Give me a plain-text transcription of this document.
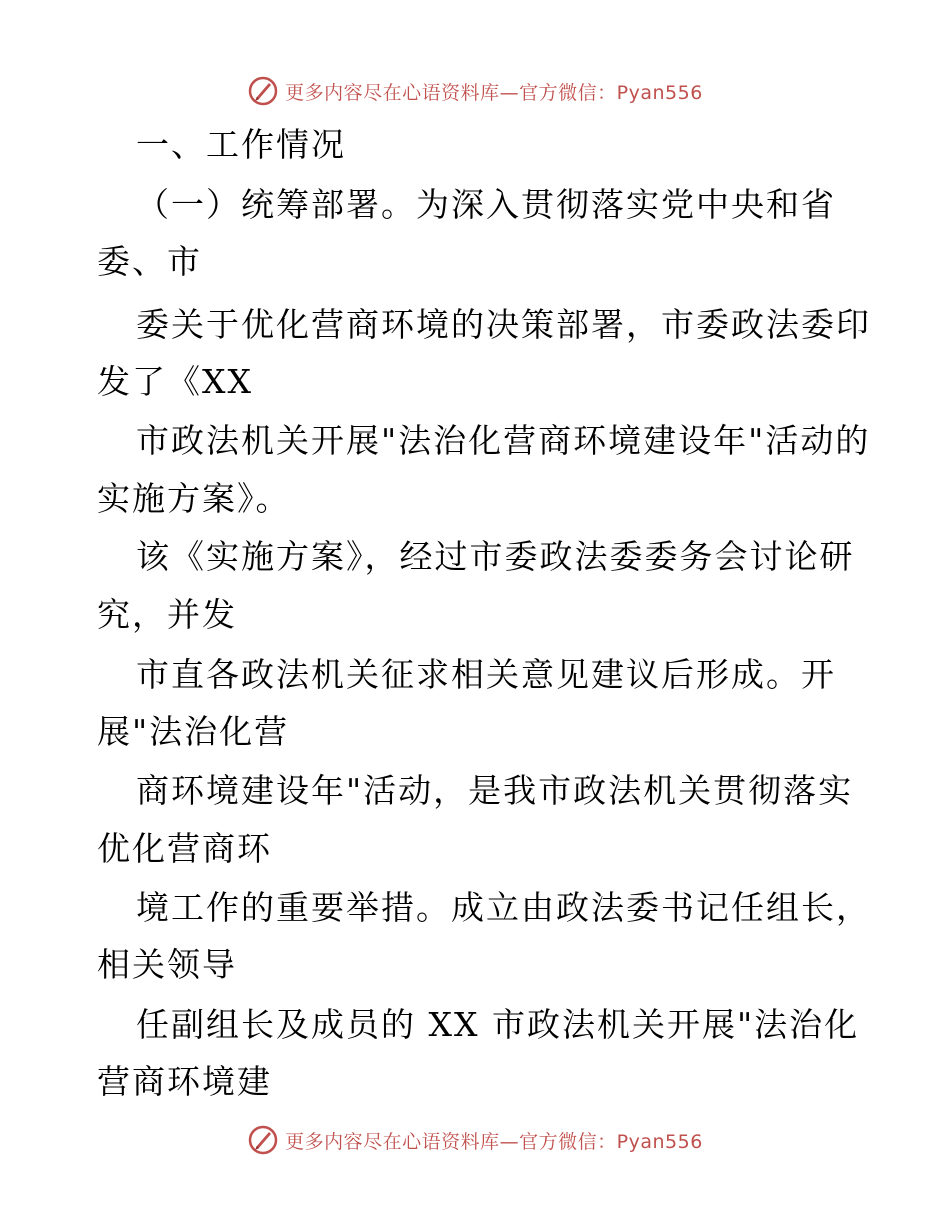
更多内容尽在心语资料库—官方微信：Pyan556
一、工作情况
（一）统筹部署。为深入贯彻落实党中央和省
委、市
委关于优化营商环境的决策部署，市委政法委印
发了《XX
市政法机关开展"法治化营商环境建设年"活动的
实施方案》。
该《实施方案》，经过市委政法委委务会讨论研
究，并发
市直各政法机关征求相关意见建议后形成。开
展"法治化营
商环境建设年"活动，是我市政法机关贯彻落实
优化营商环
境工作的重要举措。成立由政法委书记任组长，
相关领导
任副组长及成员的 XX 市政法机关开展"法治化
营商环境建
更多内容尽在心语资料库—官方微信：Pyan556
